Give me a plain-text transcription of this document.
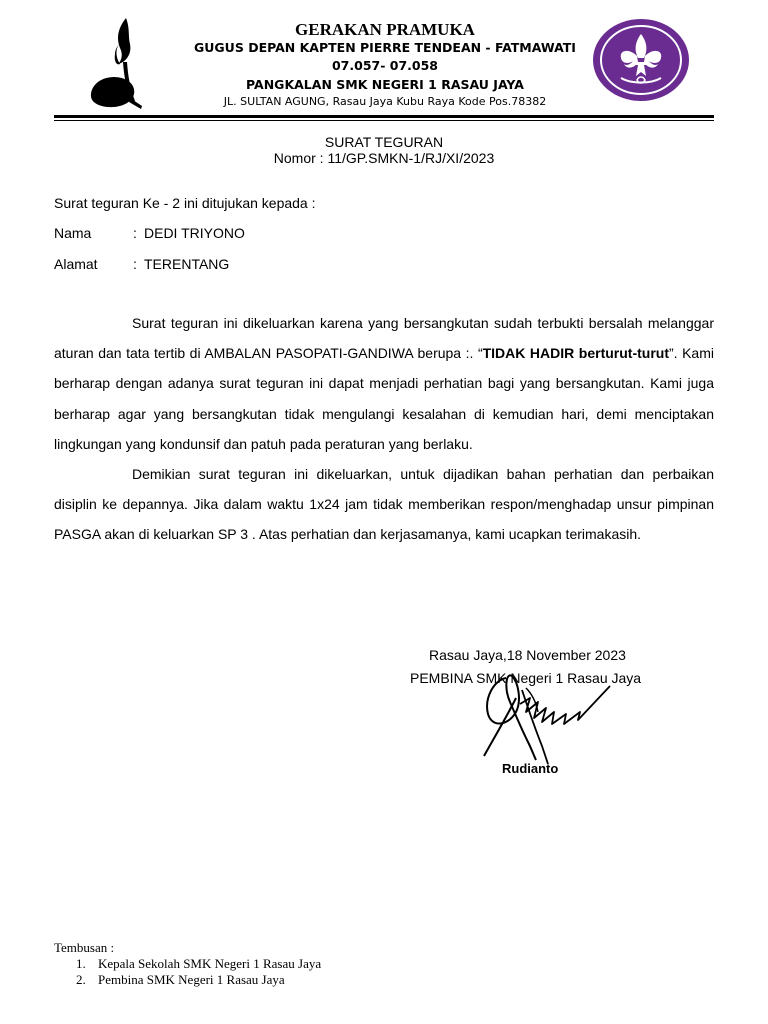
GERAKAN PRAMUKA
GUGUS DEPAN KAPTEN PIERRE TENDEAN - FATMAWATI
07.057- 07.058
PANGKALAN SMK NEGERI 1 RASAU JAYA
JL. SULTAN AGUNG, Rasau Jaya Kubu Raya Kode Pos.78382
SURAT TEGURAN
Nomor : 11/GP.SMKN-1/RJ/XI/2023
Surat teguran Ke - 2 ini ditujukan kepada :
Nama	: DEDI TRIYONO
Alamat	: TERENTANG

Surat teguran ini dikeluarkan karena yang bersangkutan sudah terbukti bersalah melanggar aturan dan tata tertib di AMBALAN PASOPATI-GANDIWA berupa :. “TIDAK HADIR berturut-turut”. Kami berharap dengan adanya surat teguran ini dapat menjadi perhatian bagi yang bersangkutan. Kami juga berharap agar yang bersangkutan tidak mengulangi kesalahan di kemudian hari, demi menciptakan lingkungan yang kondunsif dan patuh pada peraturan yang berlaku.

Demikian surat teguran ini dikeluarkan, untuk dijadikan bahan perhatian dan perbaikan disiplin ke depannya. Jika dalam waktu 1x24 jam tidak memberikan respon/menghadap unsur pimpinan PASGA akan di keluarkan SP 3 . Atas perhatian dan kerjasamanya, kami ucapkan terimakasih.

Rasau Jaya,18 November 2023
PEMBINA SMK Negeri 1 Rasau Jaya
Rudianto
Tembusan :
1. Kepala Sekolah SMK Negeri 1 Rasau Jaya
2. Pembina SMK Negeri 1 Rasau Jaya
